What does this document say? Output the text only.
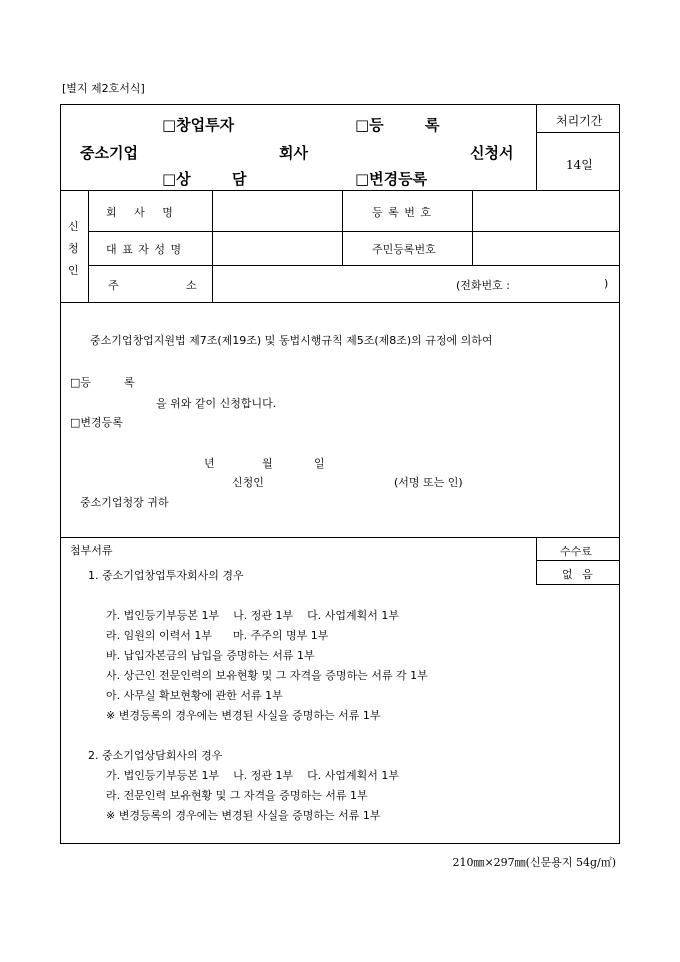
[별지 제2호서식]
□창업투자	□등	록
중소기업	회사	신청서
□상	담	□변경등록
처리기간
14일
신
청
인
회 사 명	등 록 번 호
대 표 자 성 명	주민등록번호
주	소	(전화번호 :	)
중소기업창업지원법 제7조(제19조) 및 동법시행규칙 제5조(제8조)의 규정에 의하여
□등	록
을 위와 같이 신청합니다.
□변경등록
년	월	일
신청인	(서명 또는 인)
중소기업청장 귀하
첨부서류	수수료
없 음
1. 중소기업창업투자회사의 경우
가. 법인등기부등본 1부    나. 정관 1부    다. 사업계획서 1부
라. 임원의 이력서 1부      마. 주주의 명부 1부
바. 납입자본금의 납입을 증명하는 서류 1부
사. 상근인 전문인력의 보유현황 및 그 자격을 증명하는 서류 각 1부
아. 사무실 확보현황에 관한 서류 1부
※ 변경등록의 경우에는 변경된 사실을 증명하는 서류 1부
2. 중소기업상담회사의 경우
가. 법인등기부등본 1부    나. 정관 1부    다. 사업계획서 1부
라. 전문인력 보유현황 및 그 자격을 증명하는 서류 1부
※ 변경등록의 경우에는 변경된 사실을 증명하는 서류 1부
210㎜×297㎜(신문용지 54g/㎡)
